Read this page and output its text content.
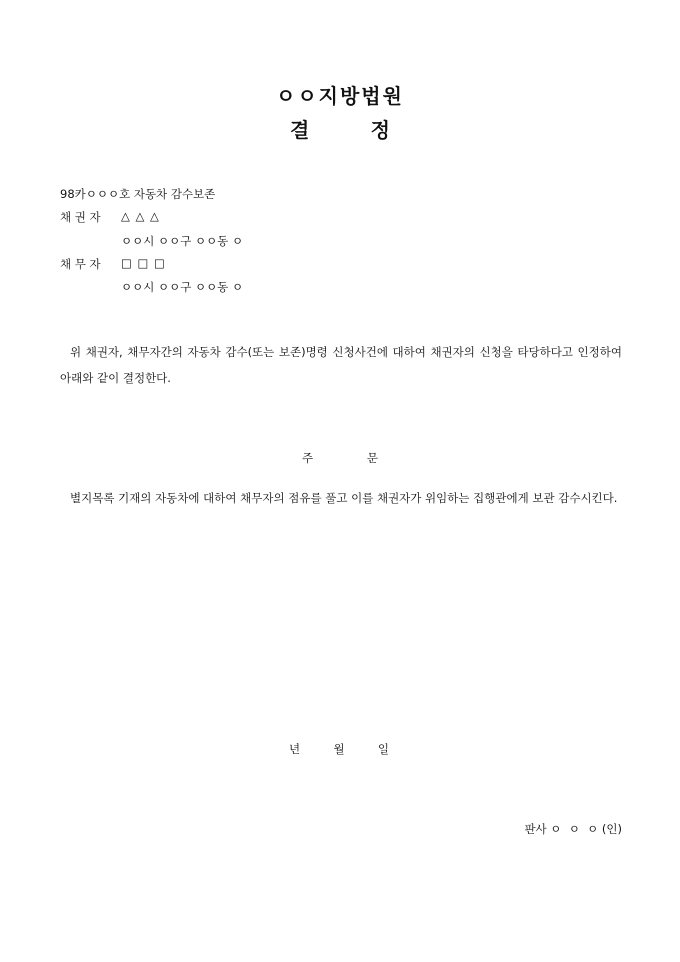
ㅇㅇ지방법원
결	정
98카ㅇㅇㅇ호 자동차 감수보존
채 권 자 △ △ △
ㅇㅇ시 ㅇㅇ구 ㅇㅇ동 ㅇ
채 무 자 □ □ □
ㅇㅇ시 ㅇㅇ구 ㅇㅇ동 ㅇ
위 채권자, 채무자간의 자동차 감수(또는 보존)명령 신청사건에 대하여 채권자의 신청을 타당하다고 인정하여 아래와 같이 결정한다.
주	문
별지목록 기재의 자동차에 대하여 채무자의 점유를 풀고 이를 채권자가 위임하는 집행관에게 보관 감수시킨다.
년	월	일
판사 ㅇ  ㅇ  ㅇ (인)
